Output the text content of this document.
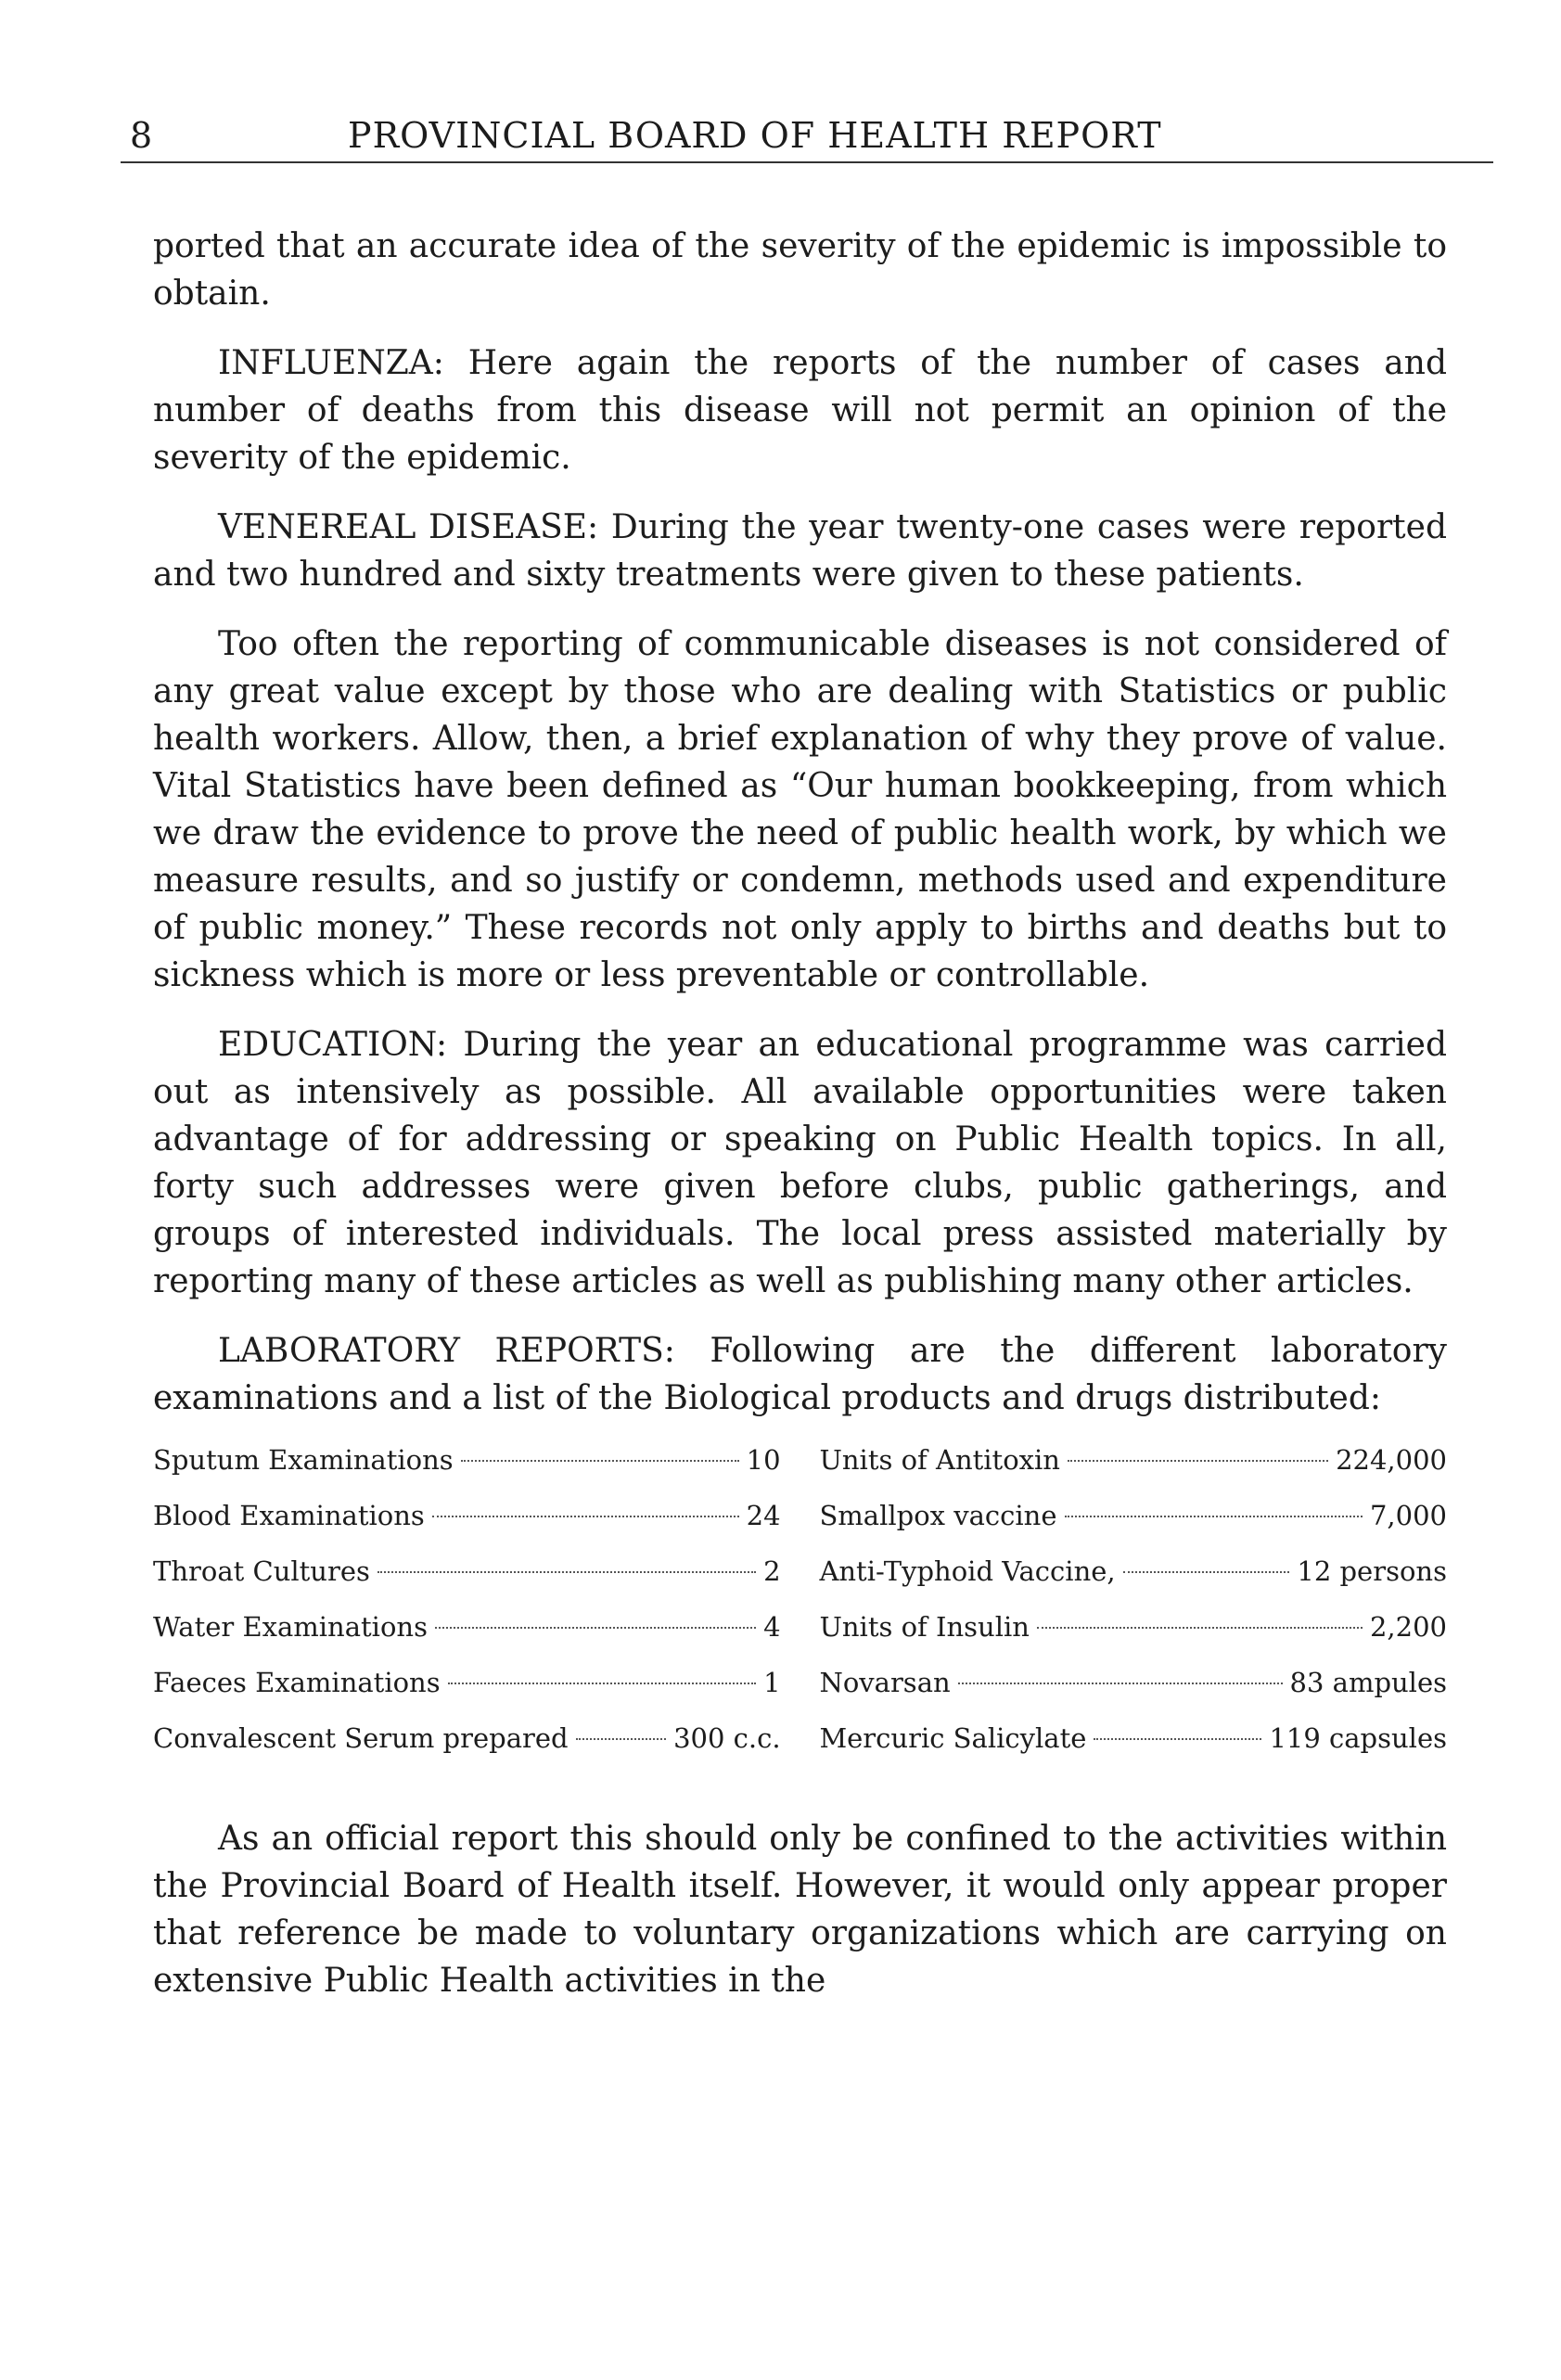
8	PROVINCIAL BOARD OF HEALTH REPORT

ported that an accurate idea of the severity of the epidemic is impossible to obtain.

INFLUENZA: Here again the reports of the number of cases and number of deaths from this disease will not permit an opinion of the severity of the epidemic.

VENEREAL DISEASE: During the year twenty-one cases were reported and two hundred and sixty treatments were given to these patients.

Too often the reporting of communicable diseases is not considered of any great value except by those who are dealing with Statistics or public health workers. Allow, then, a brief explanation of why they prove of value. Vital Statistics have been defined as “Our human bookkeeping, from which we draw the evidence to prove the need of public health work, by which we measure results, and so justify or condemn, methods used and expenditure of public money.” These records not only apply to births and deaths but to sickness which is more or less preventable or controllable.

EDUCATION: During the year an educational programme was carried out as intensively as possible. All available opportunities were taken advantage of for addressing or speaking on Public Health topics. In all, forty such addresses were given before clubs, public gatherings, and groups of interested individuals. The local press assisted materially by reporting many of these articles as well as publishing many other articles.

LABORATORY REPORTS: Following are the different laboratory examinations and a list of the Biological products and drugs distributed:

Sputum Examinations	10
Blood Examinations	24
Throat Cultures	2
Water Examinations	4
Faeces Examinations	1
Convalescent Serum prepared	300 c.c.
Units of Antitoxin	224,000
Smallpox vaccine	7,000
Anti-Typhoid Vaccine,	12 persons
Units of Insulin	2,200
Novarsan	83 ampules
Mercuric Salicylate	119 capsules

As an official report this should only be confined to the activities within the Provincial Board of Health itself. However, it would only appear proper that reference be made to voluntary organizations which are carrying on extensive Public Health activities in the
